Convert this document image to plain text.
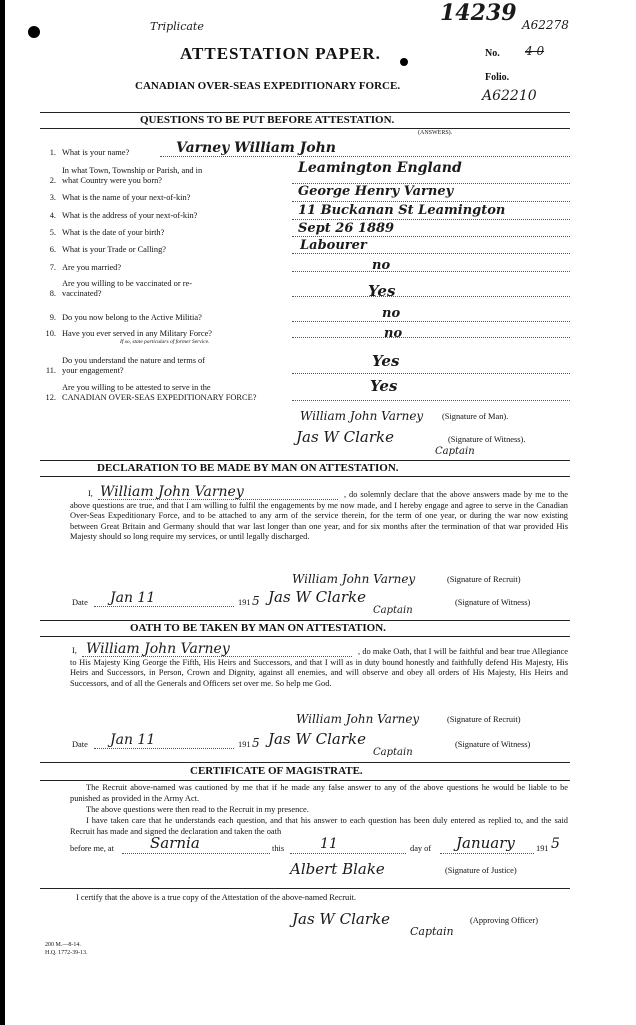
Triplicate
14239 A62278
ATTESTATION PAPER.	No. 4 0
CANADIAN OVER-SEAS EXPEDITIONARY FORCE.
Folio.
A62210
QUESTIONS TO BE PUT BEFORE ATTESTATION.
(ANSWERS).
1. What is your name?	Varney William John
2.
In what Town, Township or Parish, and in
what Country were you born?
Leamington England
3. What is the name of your next-of-kin?	George Henry Varney
4. What is the address of your next-of-kin?	11 Buckanan St Leamington
5. What is the date of your birth?	Sept 26 1889
6. What is your Trade or Calling?	Labourer
7. Are you married?	no
8.
Are you willing to be vaccinated or re-
vaccinated?	Yes
9. Do you now belong to the Active Militia?	no
10. Have you ever served in any Military Force?
If so, state particulars of former Service.
no
11.
Do you understand the nature and terms of
your engagement?
Yes
12.
Are you willing to be attested to serve in the
CANADIAN OVER-SEAS EXPEDITIONARY FORCE?
Yes
William John Varney (Signature of Man).
Jas W Clarke
Captain
(Signature of Witness).
DECLARATION TO BE MADE BY MAN ON ATTESTATION.
I, William John Varney	, do solemnly declare that the above answers made by me to the above questions are true, and that I am willing to fulfil the engagements by me now made, and I hereby engage and agree to serve in the Canadian Over-Seas Expeditionary Force, and to be attached to any arm of the service therein, for the term of one year, or during the war now existing between Great Britain and Germany should that war last longer than one year, and for six months after the termination of that war provided His Majesty should so long require my services, or until legally discharged.
William John Varney	(Signature of Recruit)
Date Jan 11	191 5 Jas W Clarke
Captain
(Signature of Witness)
OATH TO BE TAKEN BY MAN ON ATTESTATION.
I, William John Varney	, do make Oath, that I will be faithful and bear true Allegiance to His Majesty King George the Fifth, His Heirs and Successors, and that I will as in duty bound honestly and faithfully defend His Majesty, His Heirs and Successors, in Person, Crown and Dignity, against all enemies, and will observe and obey all orders of His Majesty, His Heirs and Successors, and of all the Generals and Officers set over me. So help me God.
William John Varney	(Signature of Recruit)
Date Jan 11	191 5 Jas W Clarke
Captain
(Signature of Witness)
CERTIFICATE OF MAGISTRATE.
The Recruit above-named was cautioned by me that if he made any false answer to any of the above questions he would be liable to be punished as provided in the Army Act.
The above questions were then read to the Recruit in my presence.
I have taken care that he understands each question, and that his answer to each question has been duly entered as replied to, and the said Recruit has made and signed the declaration and taken the oath
before me, at Sarnia	this	11	day of January	191 5
Albert Blake	(Signature of Justice)
I certify that the above is a true copy of the Attestation of the above-named Recruit.
Jas W Clarke
Captain
(Approving Officer)
200 M.—8-14.
H.Q. 1772-39-13.
